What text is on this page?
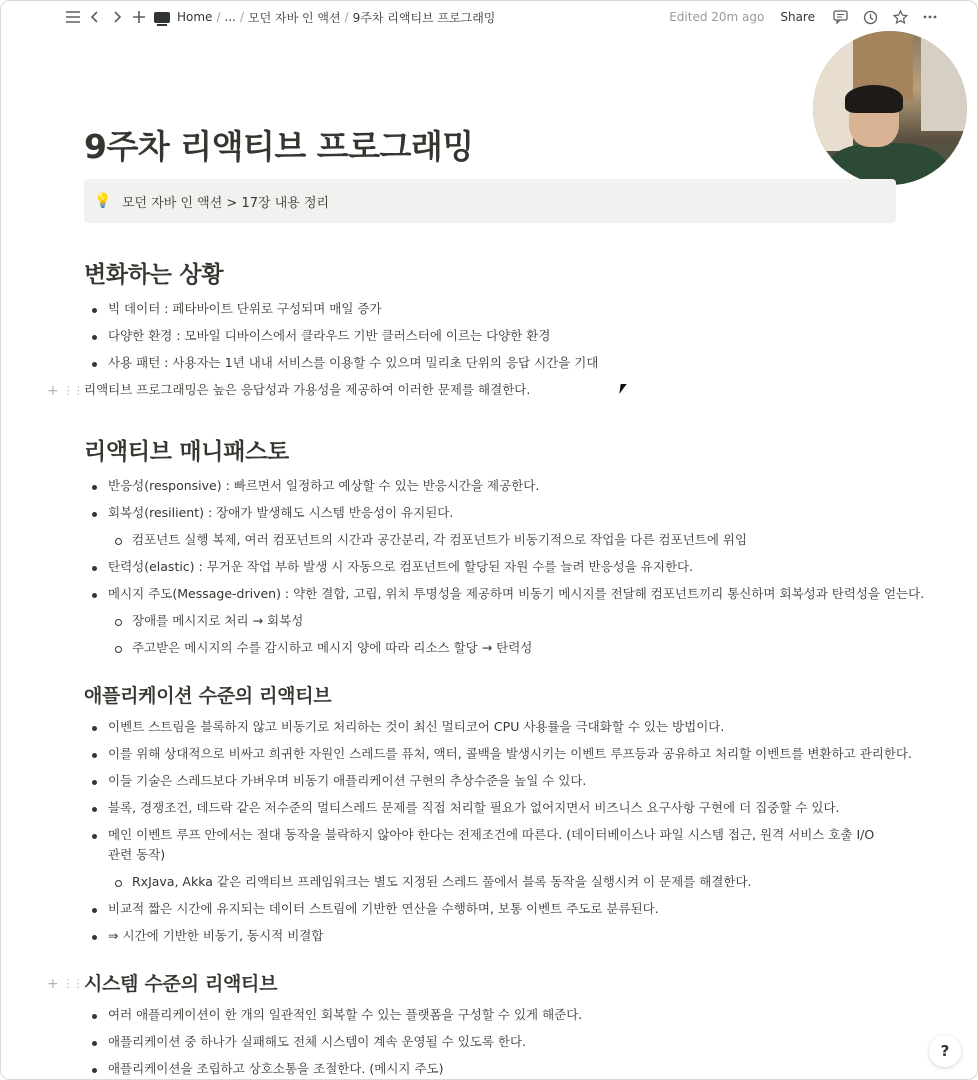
Home / ... / 모던 자바 인 액션 / 9주차 리액티브 프로그래밍	Edited 20m ago Share
9주차 리액티브 프로그래밍
💡 모던 자바 인 액션 > 17장 내용 정리
변화하는 상황
빅 데이터 : 페타바이트 단위로 구성되며 매일 증가
다양한 환경 : 모바일 디바이스에서 클라우드 기반 클러스터에 이르는 다양한 환경
사용 패턴 : 사용자는 1년 내내 서비스를 이용할 수 있으며 밀리초 단위의 응답 시간을 기대
+ ⋮⋮ 리액티브 프로그래밍은 높은 응답성과 가용성을 제공하여 이러한 문제를 해결한다.
리액티브 매니패스토
반응성(responsive) : 빠르면서 일정하고 예상할 수 있는 반응시간을 제공한다.
회복성(resilient) : 장애가 발생해도 시스템 반응성이 유지된다.
컴포넌트 실행 복제, 여러 컴포넌트의 시간과 공간분리, 각 컴포넌트가 비동기적으로 작업을 다른 컴포넌트에 위임
탄력성(elastic) : 무거운 작업 부하 발생 시 자동으로 컴포넌트에 할당된 자원 수를 늘려 반응성을 유지한다.
메시지 주도(Message-driven) : 약한 결합, 고립, 위치 투명성을 제공하며 비동기 메시지를 전달해 컴포넌트끼리 통신하며 회복성과 탄력성을 얻는다.
장애를 메시지로 처리 → 회복성
주고받은 메시지의 수를 감시하고 메시지 양에 따라 리소스 할당 → 탄력성
애플리케이션 수준의 리액티브
이벤트 스트림을 블록하지 않고 비동기로 처리하는 것이 최신 멀티코어 CPU 사용률을 극대화할 수 있는 방법이다.
이를 위해 상대적으로 비싸고 희귀한 자원인 스레드를 퓨처, 액터, 콜백을 발생시키는 이벤트 루프등과 공유하고 처리할 이벤트를 변환하고 관리한다.
이들 기술은 스레드보다 가벼우며 비동기 애플리케이션 구현의 추상수준을 높일 수 있다.
블록, 경쟁조건, 데드락 같은 저수준의 멀티스레드 문제를 직접 처리할 필요가 없어지면서 비즈니스 요구사항 구현에 더 집중할 수 있다.
메인 이벤트 루프 안에서는 절대 동작을 블락하지 않아야 한다는 전제조건에 따른다. (데이터베이스나 파일 시스템 접근, 원격 서비스 호출 I/O 관련 동작)
RxJava, Akka 같은 리액티브 프레임워크는 별도 지정된 스레드 풀에서 블록 동작을 실행시켜 이 문제를 해결한다.
비교적 짧은 시간에 유지되는 데이터 스트림에 기반한 연산을 수행하며, 보통 이벤트 주도로 분류된다.
⇒ 시간에 기반한 비동기, 동시적 비결합
+ ⋮⋮ 시스템 수준의 리액티브
여러 애플리케이션이 한 개의 일관적인 회복할 수 있는 플랫폼을 구성할 수 있게 해준다.
애플리케이션 중 하나가 실패해도 전체 시스템이 계속 운영될 수 있도록 한다.
애플리케이션을 조립하고 상호소통을 조절한다. (메시지 주도)
?
